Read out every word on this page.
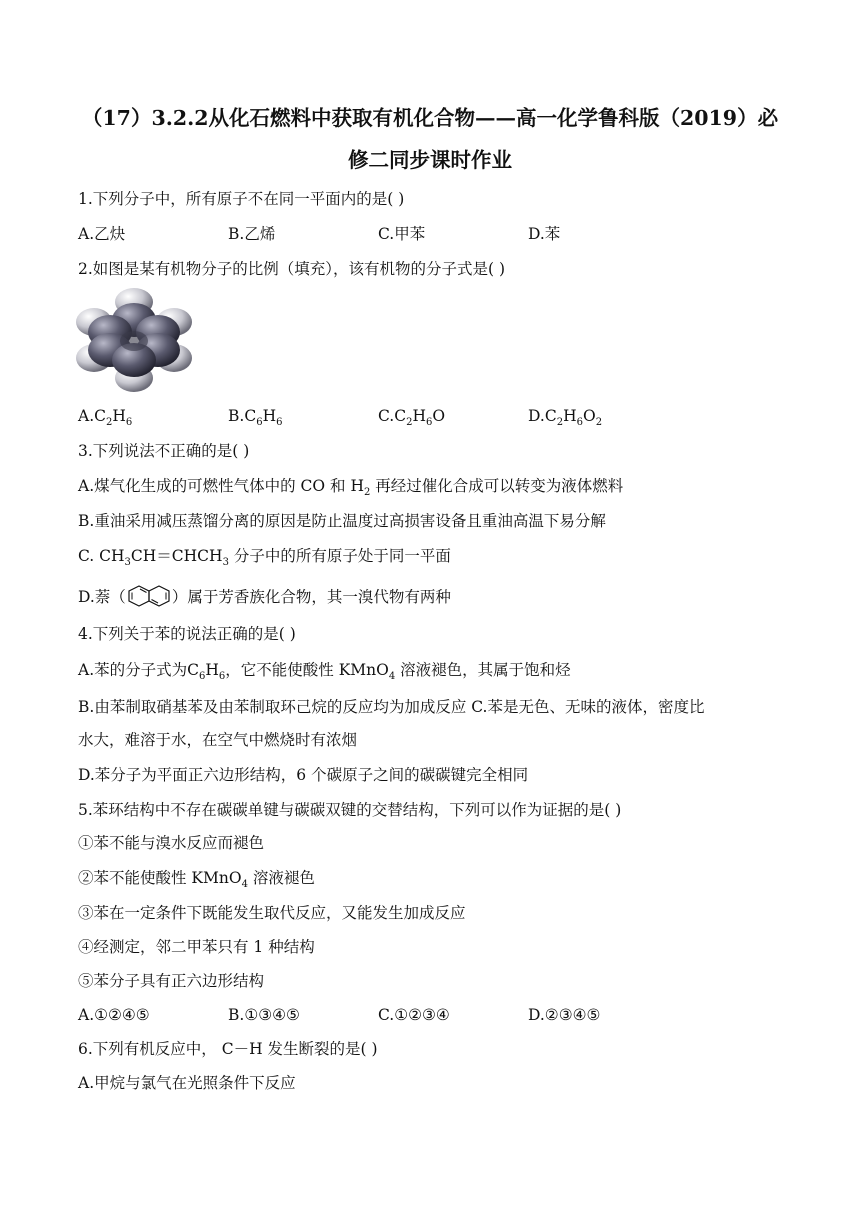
（17）3.2.2从化石燃料中获取有机化合物——高一化学鲁科版（2019）必
修二同步课时作业
1.下列分子中，所有原子不在同一平面内的是( )
A.乙炔	B.乙烯	C.甲苯	D.苯
2.如图是某有机物分子的比例（填充），该有机物的分子式是( )
$A.C_2H_6$	$B.C_6H_6$	$C.C_2H_6O$	$D.C_2H_6O_2$
3.下列说法不正确的是( )
A.煤气化生成的可燃性气体中的 CO 和 $H_2$ 再经过催化合成可以转变为液体燃料
B.重油采用减压蒸馏分离的原因是防止温度过高损害设备且重油高温下易分解
C. $CH_3CH=CHCH_3$ 分子中的所有原子处于同一平面
D.萘（	）属于芳香族化合物，其一溴代物有两种
4.下列关于苯的说法正确的是( )
A.苯的分子式为$C_6H_6$，它不能使酸性 KMnO$_4$ 溶液褪色，其属于饱和烃
B.由苯制取硝基苯及由苯制取环己烷的反应均为加成反应 C.苯是无色、无味的液体，密度比
水大，难溶于水，在空气中燃烧时有浓烟
D.苯分子为平面正六边形结构，6 个碳原子之间的碳碳键完全相同
5.苯环结构中不存在碳碳单键与碳碳双键的交替结构，下列可以作为证据的是( )
①苯不能与溴水反应而褪色
②苯不能使酸性 KMnO$_4$ 溶液褪色
③苯在一定条件下既能发生取代反应，又能发生加成反应
④经测定，邻二甲苯只有 1 种结构
⑤苯分子具有正六边形结构
A.①②④⑤	B.①③④⑤	C.①②③④	D.②③④⑤
6.下列有机反应中， C－H 发生断裂的是( )
A.甲烷与氯气在光照条件下反应
